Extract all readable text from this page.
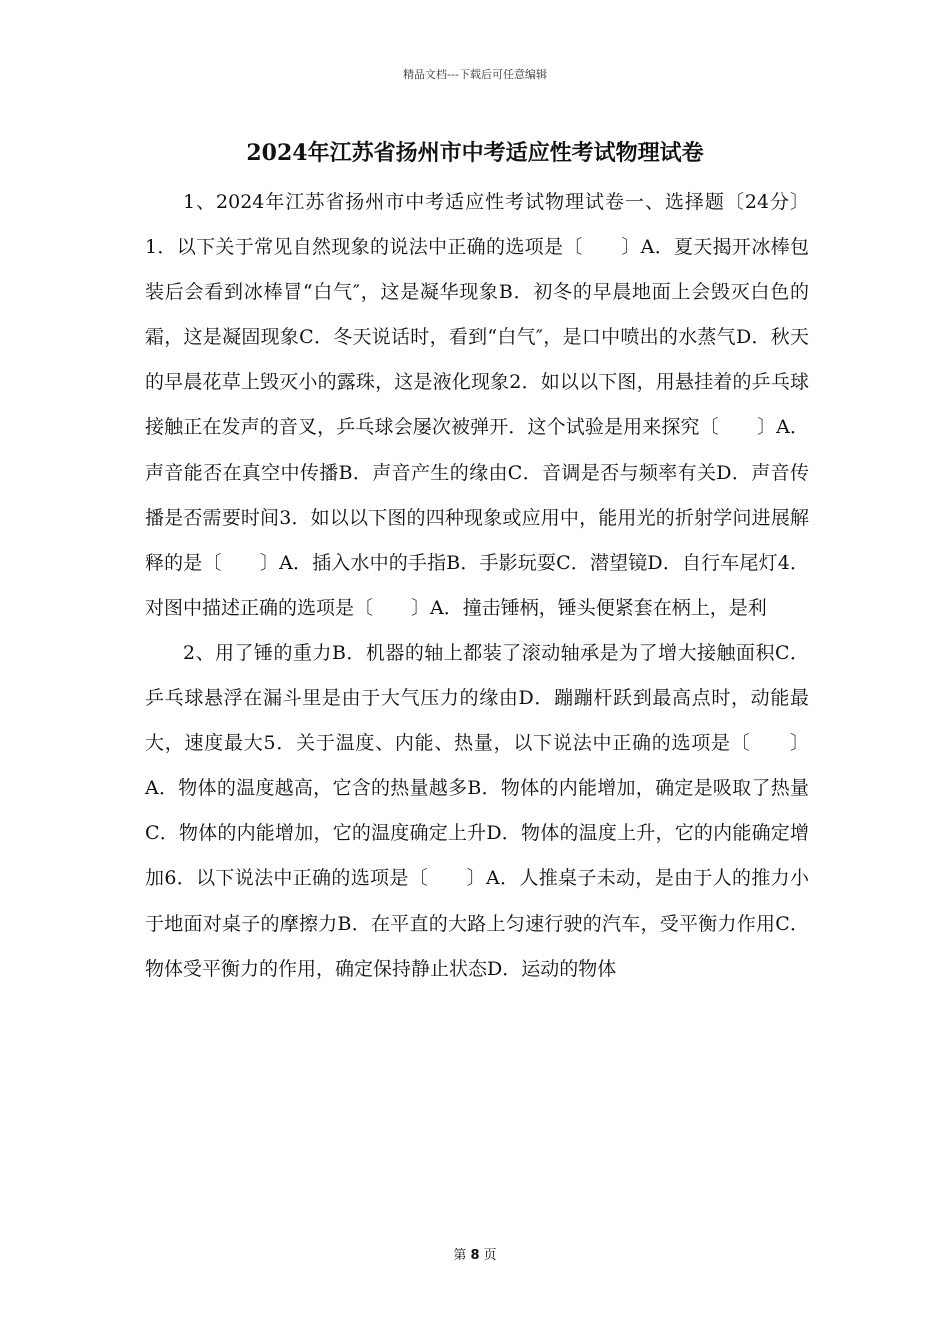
精品文档---下载后可任意编辑
2024年江苏省扬州市中考适应性考试物理试卷

1、2024年江苏省扬州市中考适应性考试物理试卷一、选择题〔24分〕1．以下关于常见自然现象的说法中正确的选项是〔　　〕A．夏天揭开冰棒包装后会看到冰棒冒“白气″，这是凝华现象B．初冬的早晨地面上会毁灭白色的霜，这是凝固现象C．冬天说话时，看到“白气″，是口中喷出的水蒸气D．秋天的早晨花草上毁灭小的露珠，这是液化现象2．如以以下图，用悬挂着的乒乓球接触正在发声的音叉，乒乓球会屡次被弹开．这个试验是用来探究〔　　〕A．声音能否在真空中传播B．声音产生的缘由C．音调是否与频率有关D．声音传播是否需要时间3．如以以下图的四种现象或应用中，能用光的折射学问进展解释的是〔　　〕A．插入水中的手指B．手影玩耍C．潜望镜D．自行车尾灯4．对图中描述正确的选项是〔　　〕A．撞击锤柄，锤头便紧套在柄上，是利

2、用了锤的重力B．机器的轴上都装了滚动轴承是为了增大接触面积C．乒乓球悬浮在漏斗里是由于大气压力的缘由D．蹦蹦杆跃到最高点时，动能最大，速度最大5．关于温度、内能、热量，以下说法中正确的选项是〔　　〕A．物体的温度越高，它含的热量越多B．物体的内能增加，确定是吸取了热量C．物体的内能增加，它的温度确定上升D．物体的温度上升，它的内能确定增加6．以下说法中正确的选项是〔　　〕A．人推桌子未动，是由于人的推力小于地面对桌子的摩擦力B．在平直的大路上匀速行驶的汽车，受平衡力作用C．物体受平衡力的作用，确定保持静止状态D．运动的物体

第 8 页
